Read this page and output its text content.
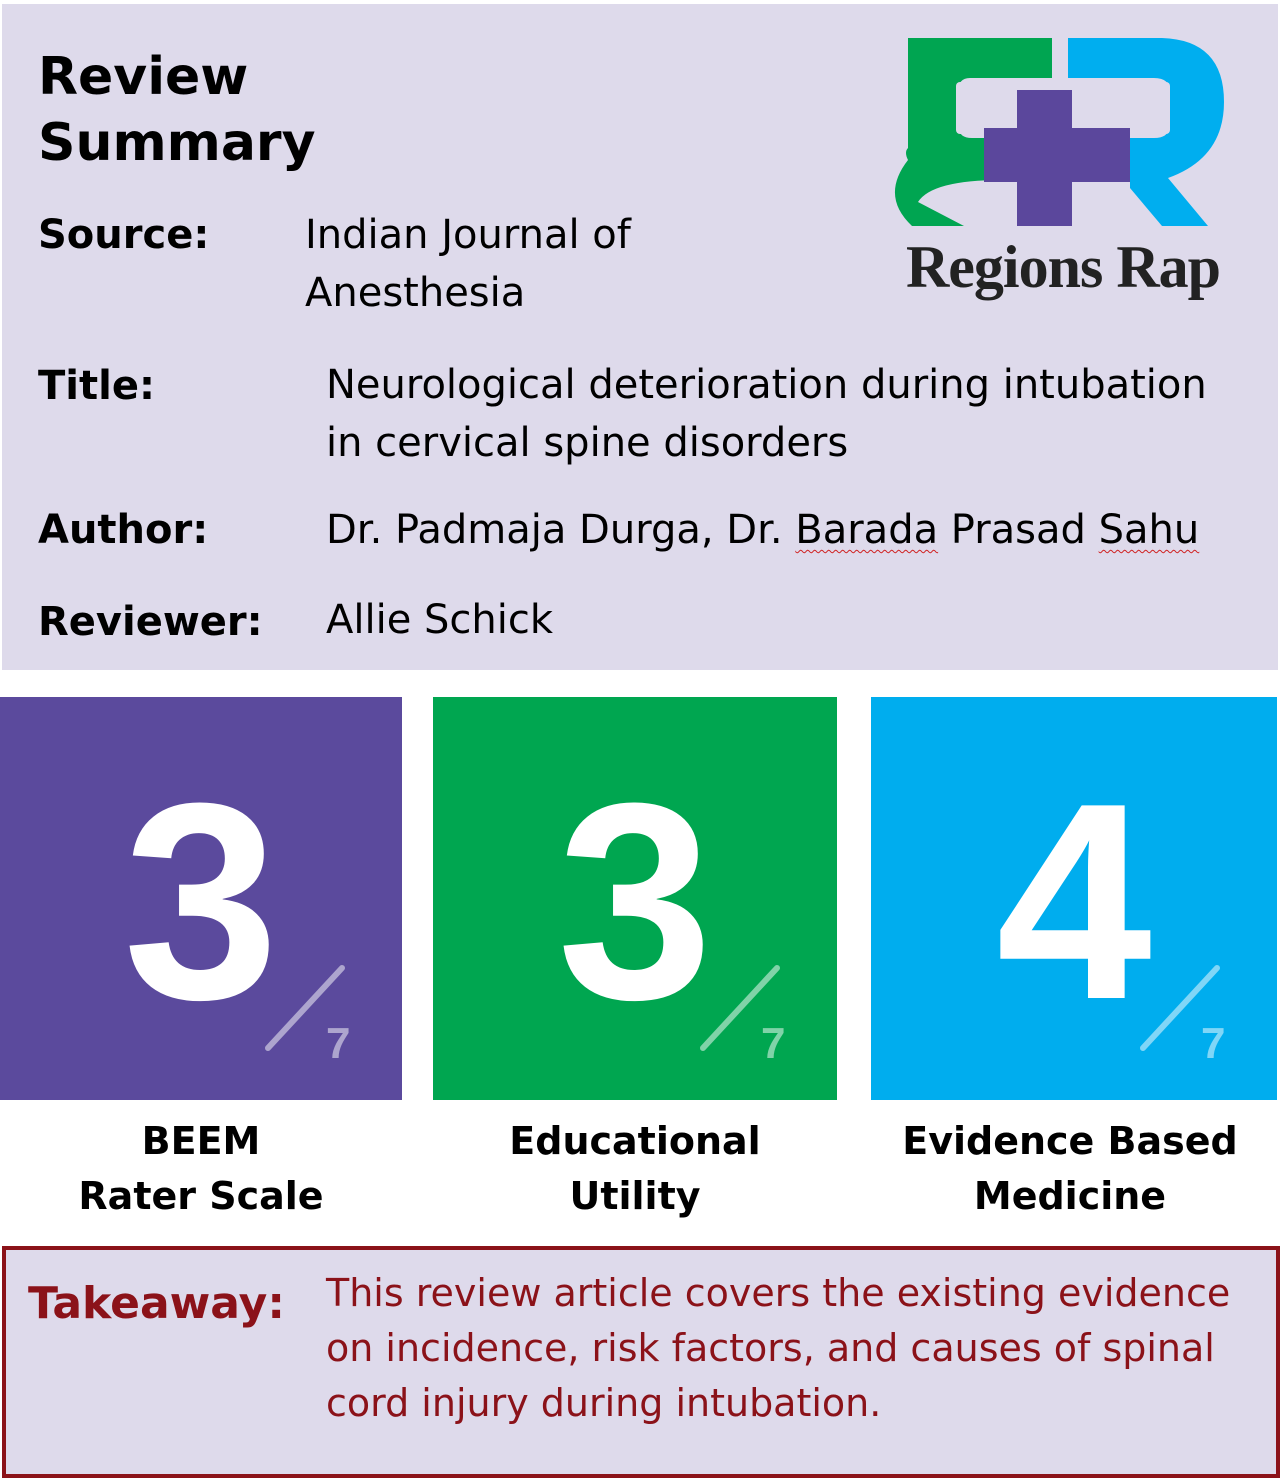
Review
Summary
Source: Indian Journal of
Anesthesia
Title:	Neurological deterioration during intubation
in cervical spine disorders
Author:	Dr. Padmaja Durga, Dr. Barada Prasad Sahu
Reviewer: Allie Schick
Regions Rap
3	7
BEEM
Rater Scale
3	7
Educational
Utility
4	7
Evidence Based
Medicine
Takeaway: This review article covers the existing evidence on incidence, risk factors, and causes of spinal cord injury during intubation.
